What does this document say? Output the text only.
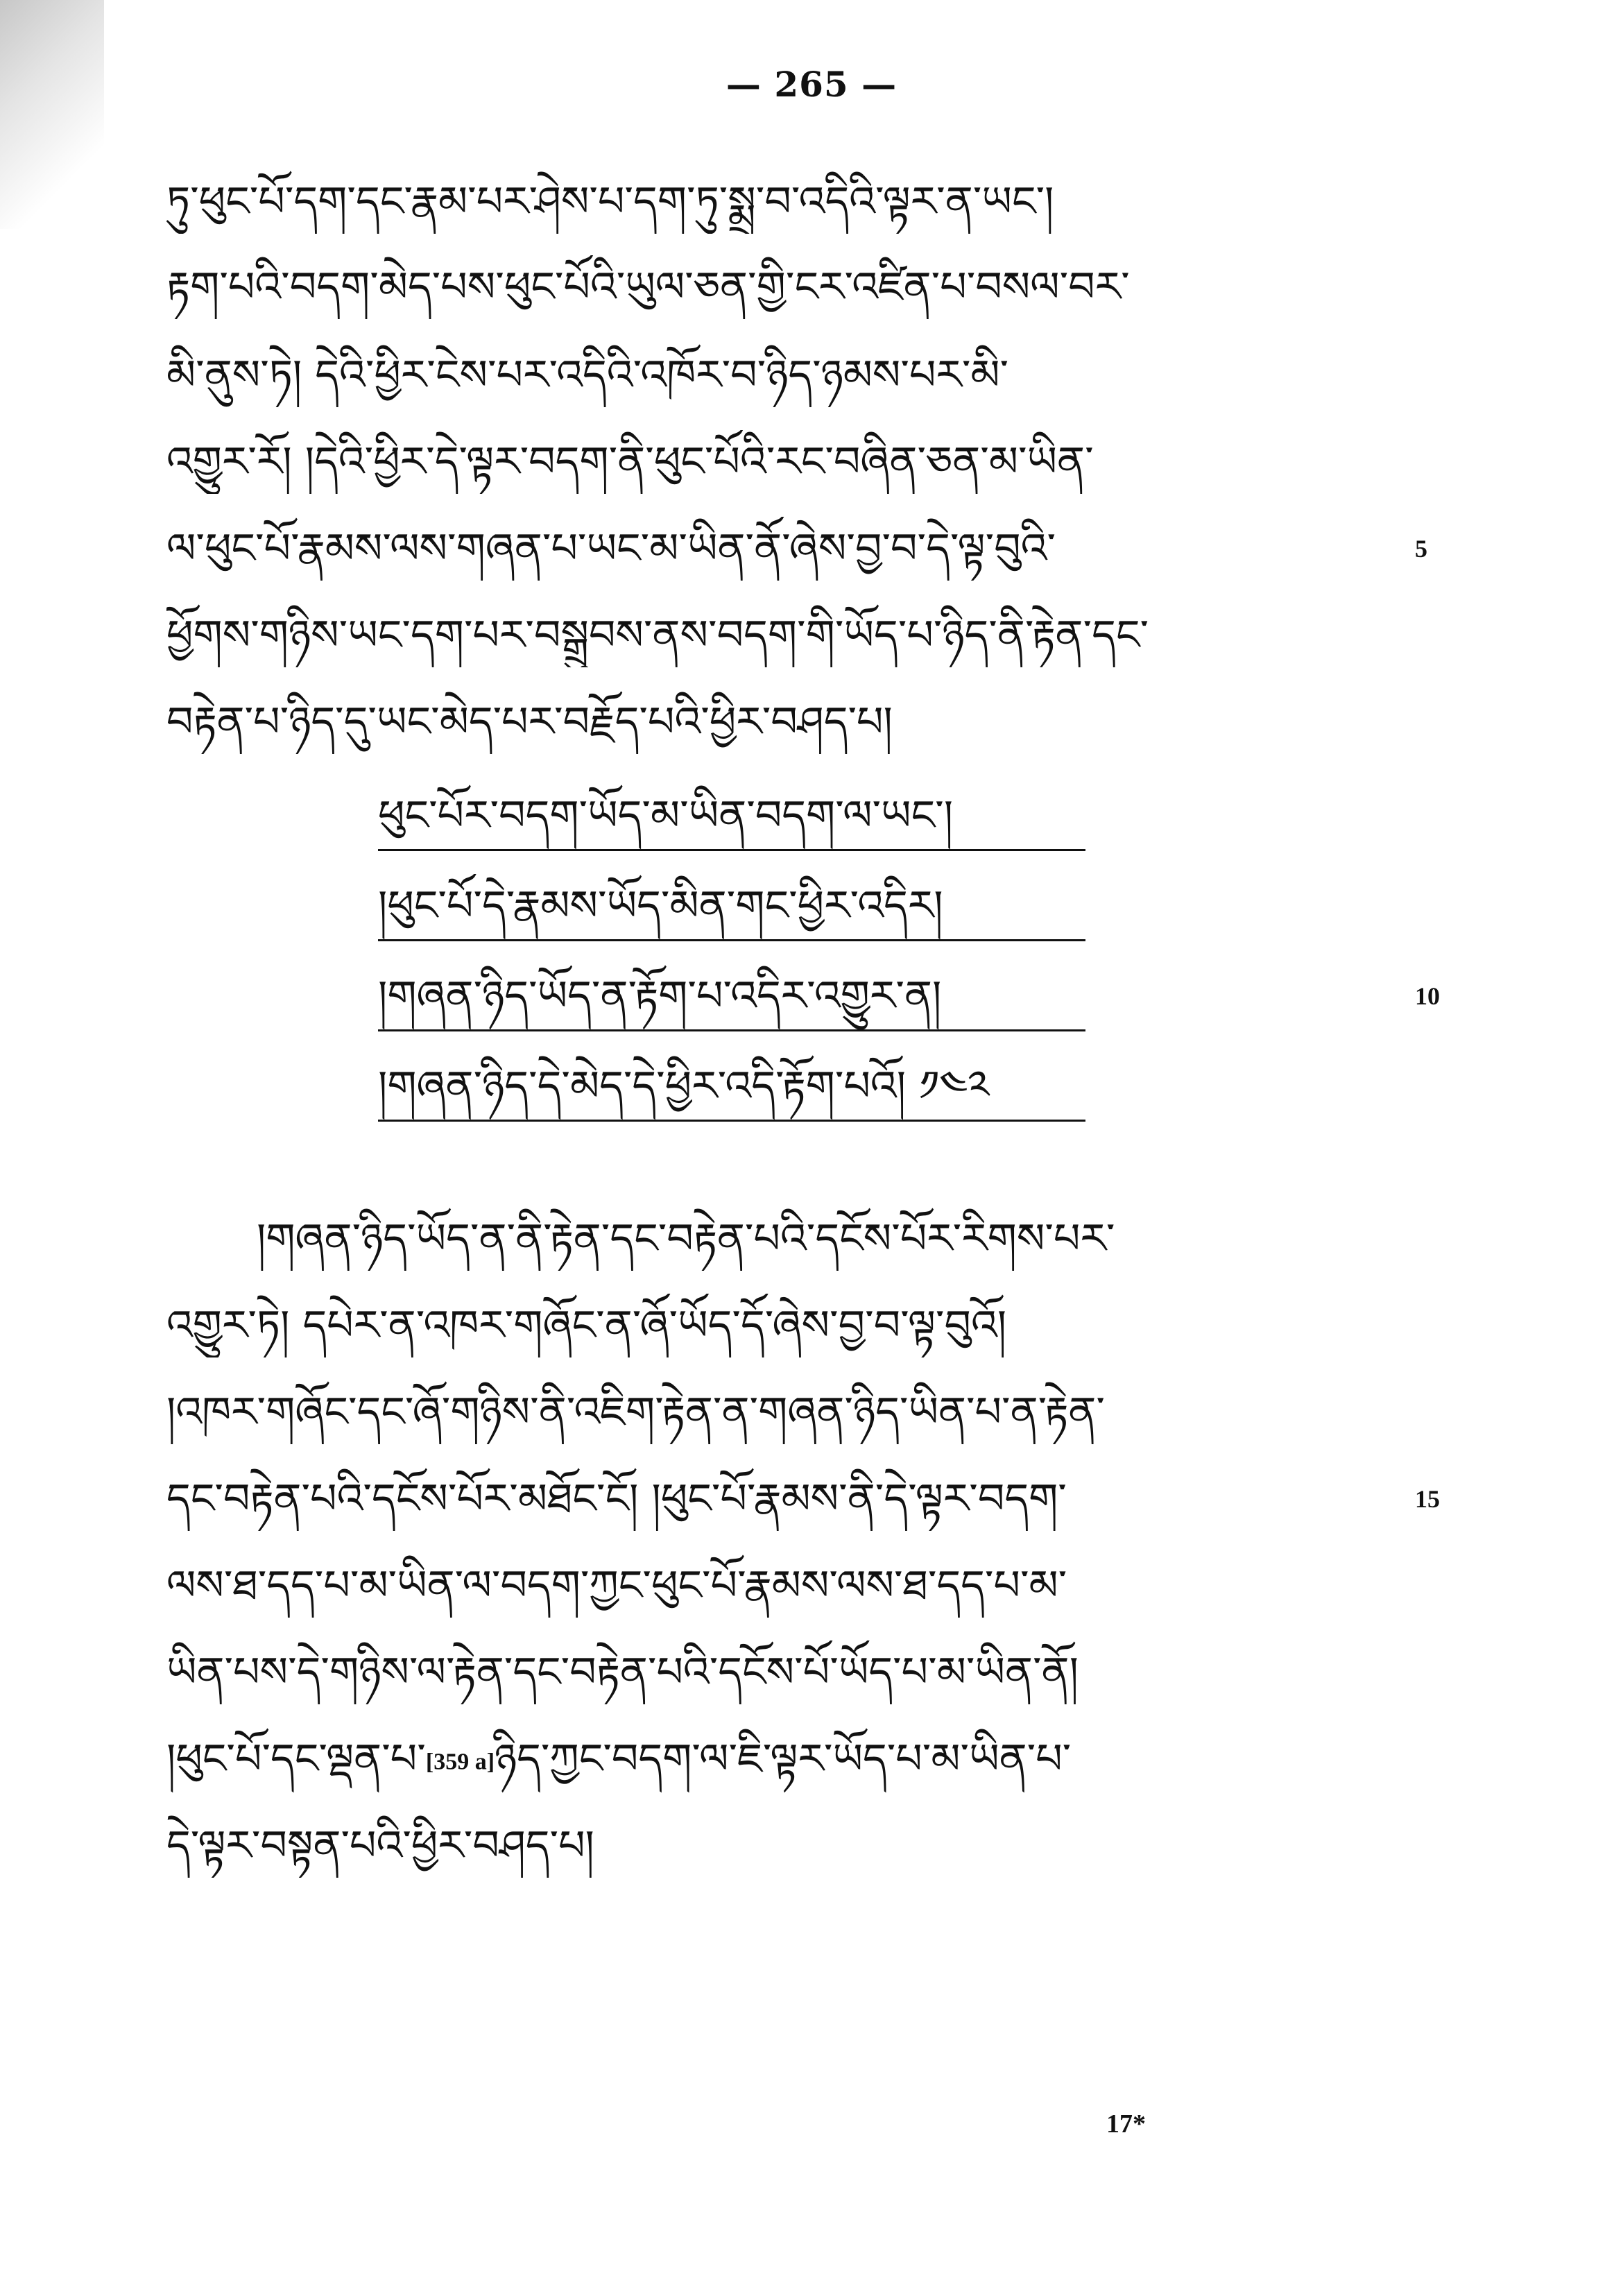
— 265 —
ཏུ་ཕུང་པོ་དག་དང་རྣམ་པར་ཤེས་པ་དག་ཏུ་སྨྲ་བ་འདིའི་ལྟར་ན་ཡང་།
རྟག་པའི་བདག་མེད་པས་ཕུང་པོའི་ཡུལ་ཅན་གྱི་ངར་འཛིན་པ་བསལ་བར་
མི་ནུས་ཏེ། དེའི་ཕྱིར་ངེས་པར་འདིའི་འཁོར་བ་ཉིད་ཉམས་པར་མི་
འགྱུར་རོ། །དེའི་ཕྱིར་དེ་ལྟར་བདག་ནི་ཕུང་པོའི་རང་བཞིན་ཅན་མ་ཡིན་
ལ་ཕུང་པོ་རྣམས་ལས་གཞན་པ་ཡང་མ་ཡིན་ནོ་ཞེས་བྱ་བ་དེ་ལྟ་བུའི་	5
ཕྱོགས་གཉིས་ཡང་དག་པར་བསྒྲུབས་ནས་བདག་གི་ཡོད་པ་ཉིད་ནི་རྟེན་དང་
བརྟེན་པ་ཉིད་དུ་ཡང་མེད་པར་བརྗོད་པའི་ཕྱིར་བཤད་པ།
ཕུང་པོར་བདག་ཡོད་མ་ཡིན་བདག་ལ་ཡང་།
།ཕུང་པོ་དེ་རྣམས་ཡོད་མིན་གང་ཕྱིར་འདིར།
།གཞན་ཉིད་ཡོད་ན་རྟོག་པ་འདིར་འགྱུར་ན།	10
།གཞན་ཉིད་དེ་མེད་དེ་ཕྱིར་འདི་རྟོག་པའོ། ༡༤༢
།གཞན་ཉིད་ཡོད་ན་ནི་རྟེན་དང་བརྟེན་པའི་དངོས་པོར་རིགས་པར་
འགྱུར་ཏེ། དཔེར་ན་འཁར་གཞོང་ན་ཞོ་ཡོད་དོ་ཞེས་བྱ་བ་ལྟ་བུའོ།
།འཁར་གཞོང་དང་ཞོ་གཉིས་ནི་འཇིག་རྟེན་ན་གཞན་ཉིད་ཡིན་པ་ན་རྟེན་
དང་བརྟེན་པའི་དངོས་པོར་མཐོང་ངོ། །ཕུང་པོ་རྣམས་ནི་དེ་ལྟར་བདག་	15
ལས་ཐ་དད་པ་མ་ཡིན་ལ་བདག་ཀྱང་ཕུང་པོ་རྣམས་ལས་ཐ་དད་པ་མ་
ཡིན་པས་དེ་གཉིས་ལ་རྟེན་དང་བརྟེན་པའི་དངོས་པོ་ཡོད་པ་མ་ཡིན་ནོ།
།ཕུང་པོ་དང་ལྡན་པ་[359 a]ཉིད་ཀྱང་བདག་ལ་ཇི་ལྟར་ཡོད་པ་མ་ཡིན་པ་
དེ་ལྟར་བསྟན་པའི་ཕྱིར་བཤད་པ།
17*
